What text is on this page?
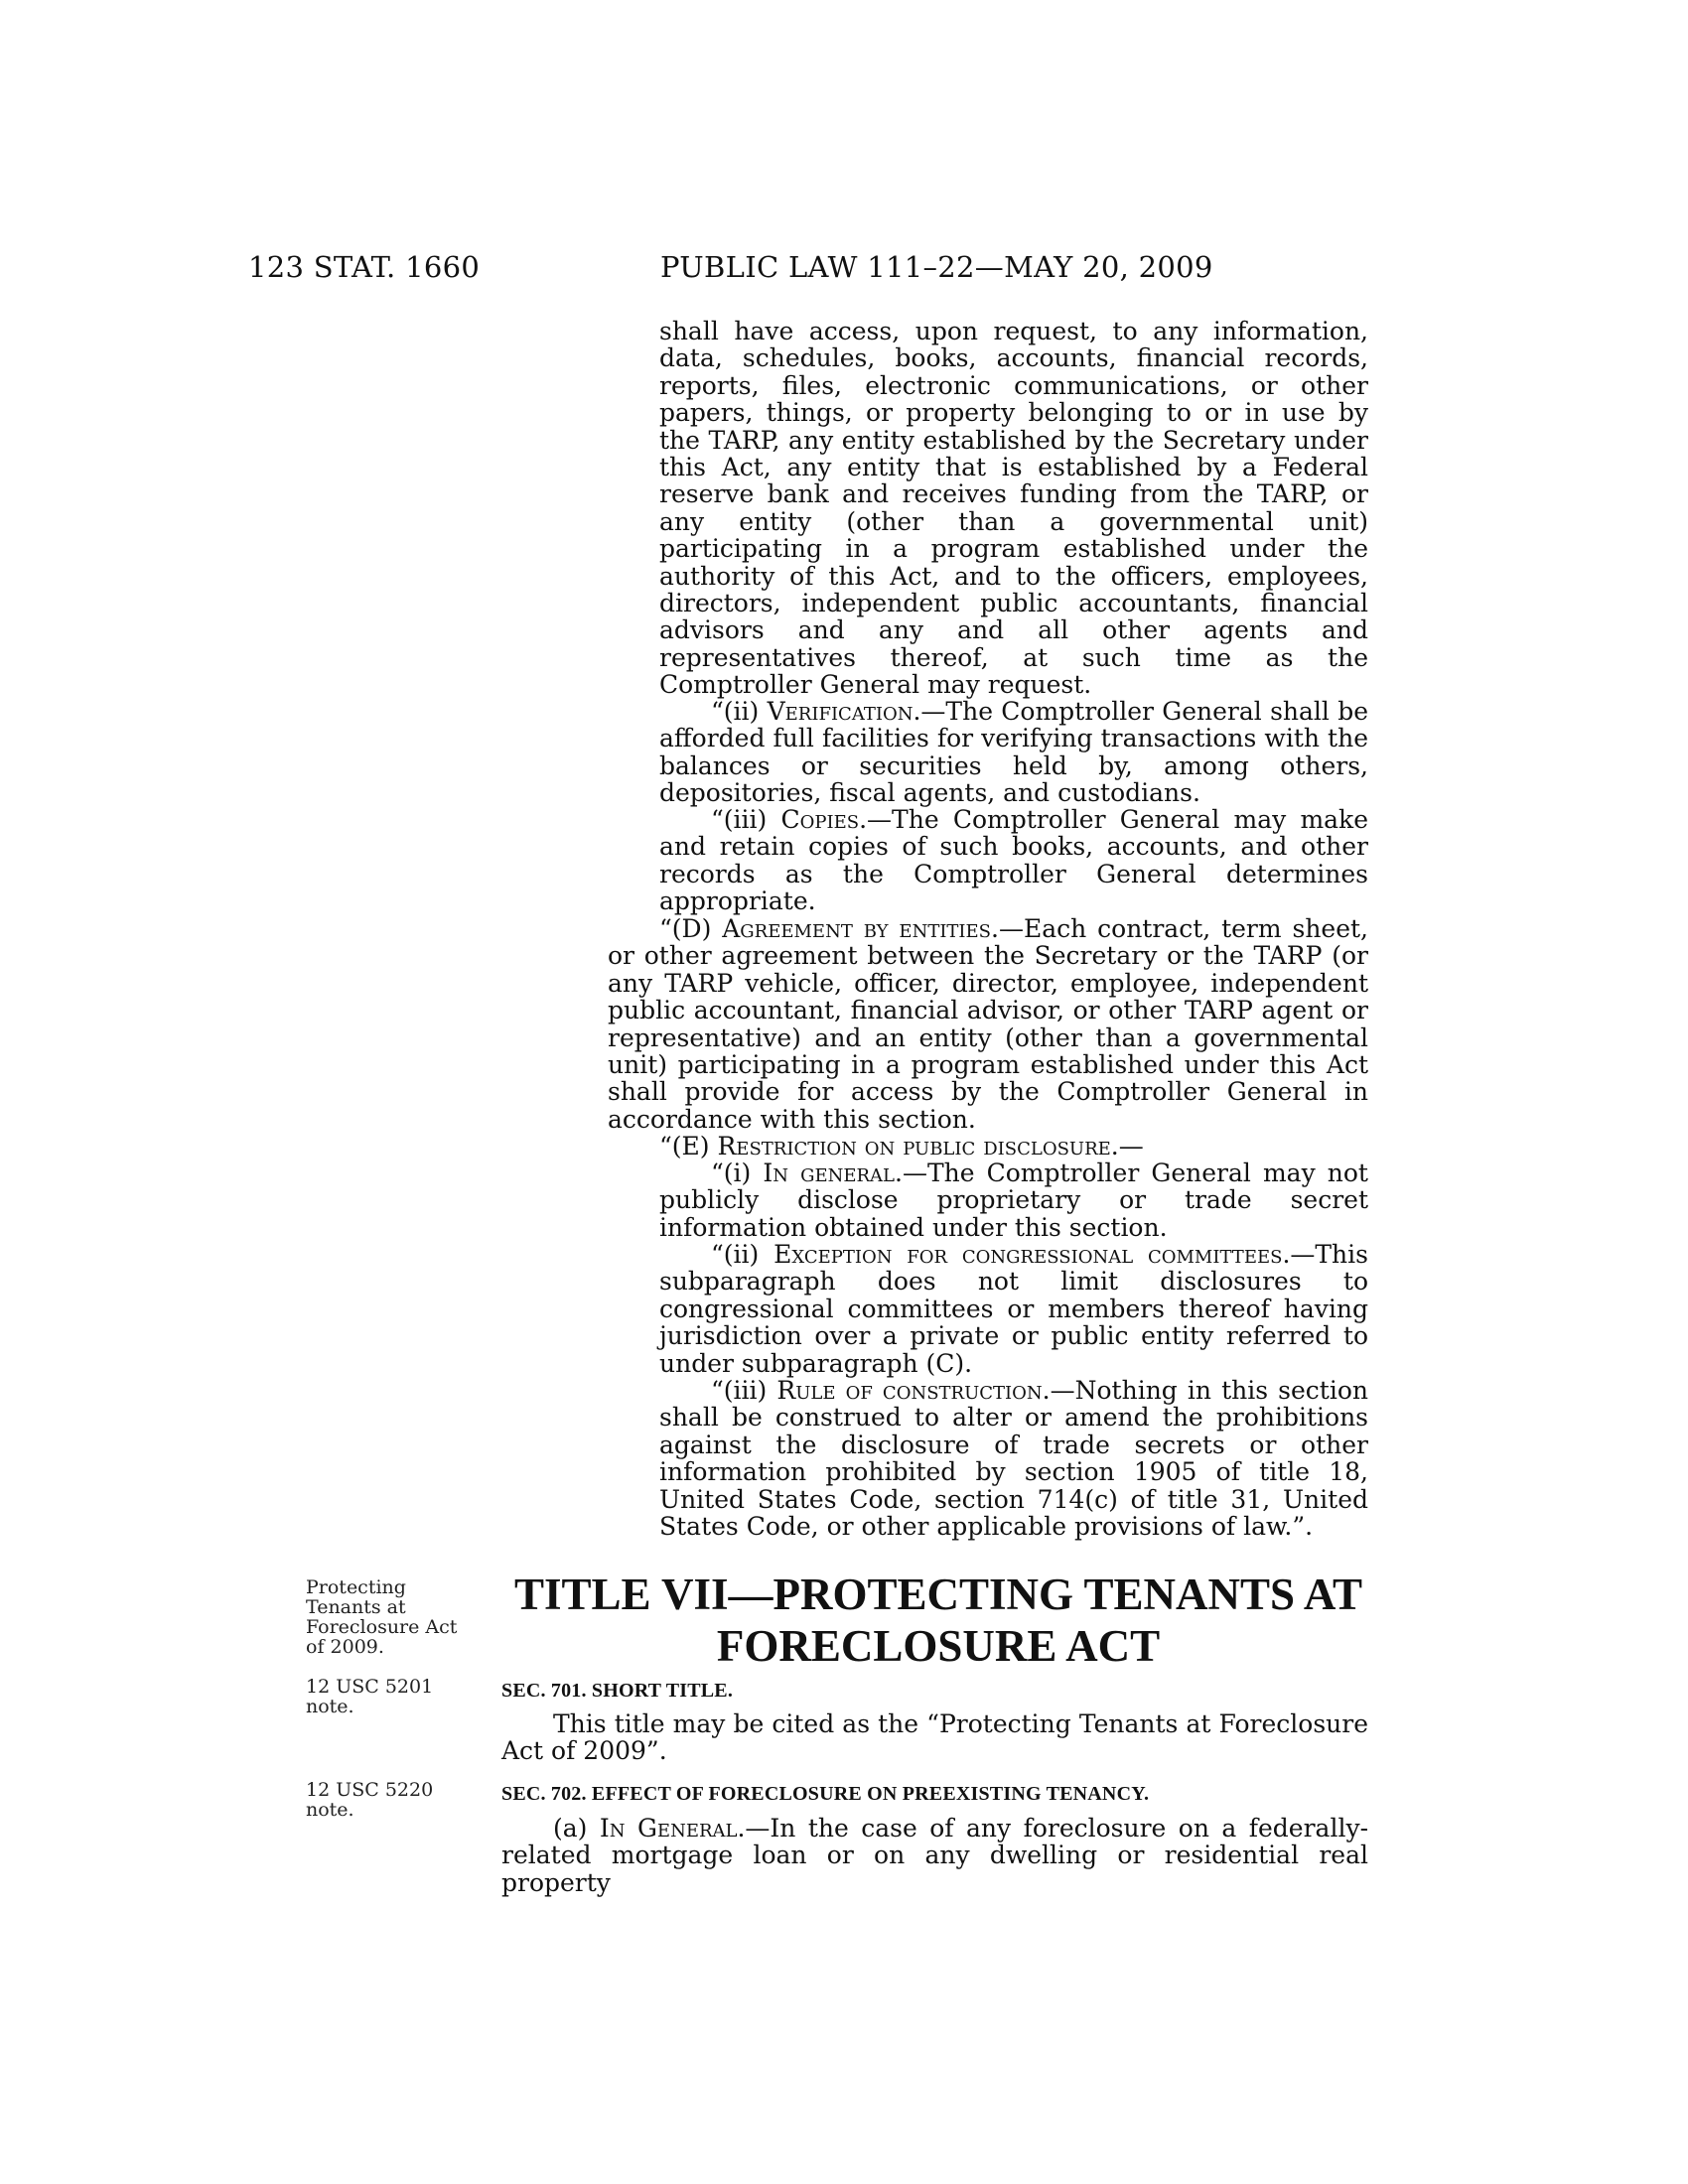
123 STAT. 1660	PUBLIC LAW 111–22—MAY 20, 2009

shall have access, upon request, to any information, data, schedules, books, accounts, financial records, reports, files, electronic communications, or other papers, things, or property belonging to or in use by the TARP, any entity established by the Secretary under this Act, any entity that is established by a Federal reserve bank and receives funding from the TARP, or any entity (other than a governmental unit) participating in a program established under the authority of this Act, and to the officers, employees, directors, independent public accountants, financial advisors and any and all other agents and representatives thereof, at such time as the Comptroller General may request.

“(ii) Verification.—The Comptroller General shall be afforded full facilities for verifying transactions with the balances or securities held by, among others, depositories, fiscal agents, and custodians.

“(iii) Copies.—The Comptroller General may make and retain copies of such books, accounts, and other records as the Comptroller General determines appropriate.

“(D) Agreement by entities.—Each contract, term sheet, or other agreement between the Secretary or the TARP (or any TARP vehicle, officer, director, employee, independent public accountant, financial advisor, or other TARP agent or representative) and an entity (other than a governmental unit) participating in a program established under this Act shall provide for access by the Comptroller General in accordance with this section.

“(E) Restriction on public disclosure.—

“(i) In general.—The Comptroller General may not publicly disclose proprietary or trade secret information obtained under this section.

“(ii) Exception for congressional committees.—This subparagraph does not limit disclosures to congressional committees or members thereof having jurisdiction over a private or public entity referred to under subparagraph (C).

“(iii) Rule of construction.—Nothing in this section shall be construed to alter or amend the prohibitions against the disclosure of trade secrets or other information prohibited by section 1905 of title 18, United States Code, section 714(c) of title 31, United States Code, or other applicable provisions of law.”.

TITLE VII—PROTECTING TENANTS AT
FORECLOSURE ACT
Protecting Tenants at Foreclosure Act of 2009.
12 USC 5201 note.
12 USC 5220 note.
SEC. 701. SHORT TITLE.

This title may be cited as the “Protecting Tenants at Foreclosure Act of 2009”.

SEC. 702. EFFECT OF FORECLOSURE ON PREEXISTING TENANCY.

(a) In General.—In the case of any foreclosure on a federally-related mortgage loan or on any dwelling or residential real property
